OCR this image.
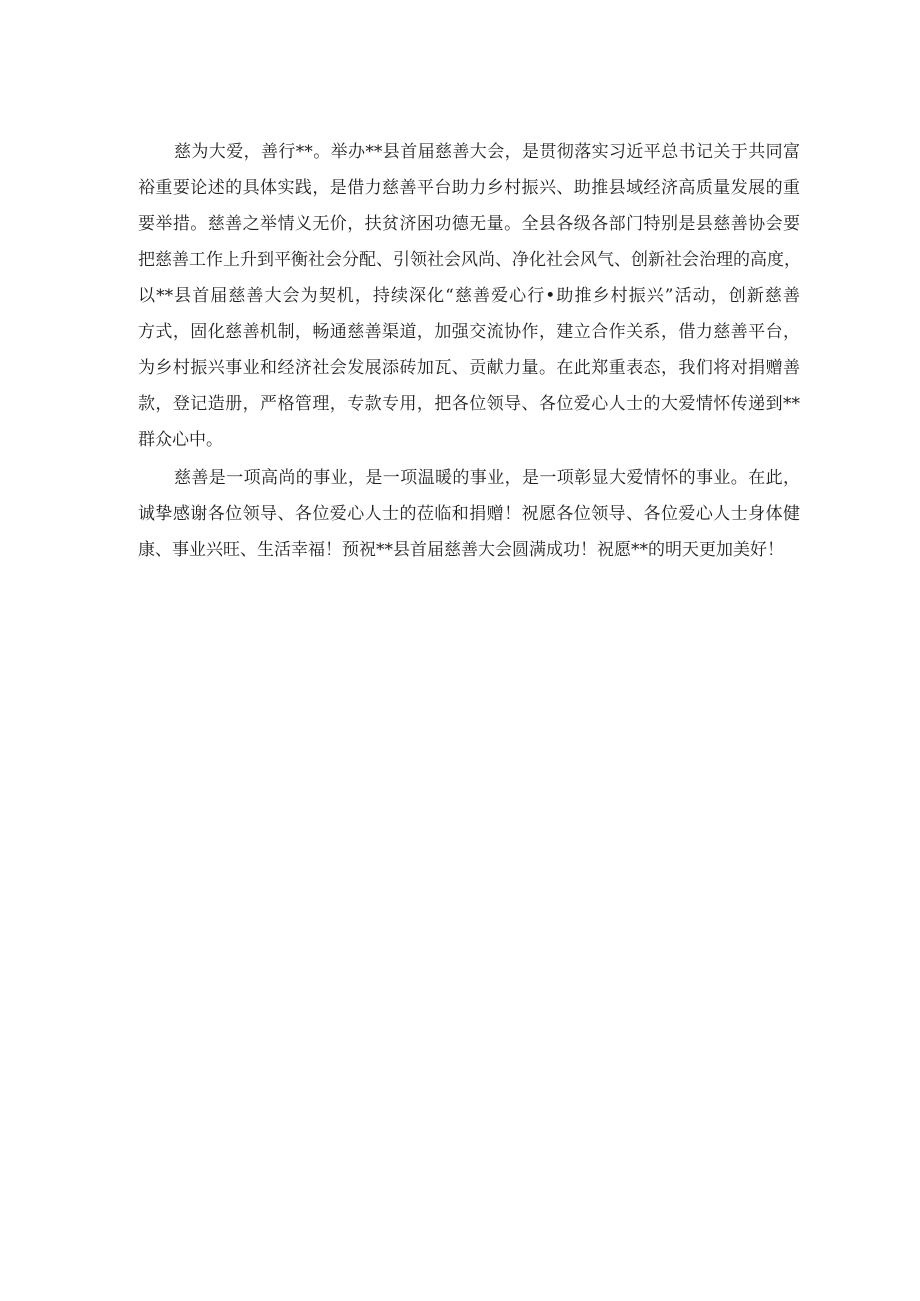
慈为大爱，善行**。举办**县首届慈善大会，是贯彻落实习近平总书记关于共同富
裕重要论述的具体实践，是借力慈善平台助力乡村振兴、助推县域经济高质量发展的重
要举措。慈善之举情义无价，扶贫济困功德无量。全县各级各部门特别是县慈善协会要
把慈善工作上升到平衡社会分配、引领社会风尚、净化社会风气、创新社会治理的高度，
以**县首届慈善大会为契机，持续深化“慈善爱心行•助推乡村振兴”活动，创新慈善
方式，固化慈善机制，畅通慈善渠道，加强交流协作，建立合作关系，借力慈善平台，
为乡村振兴事业和经济社会发展添砖加瓦、贡献力量。在此郑重表态，我们将对捐赠善
款，登记造册，严格管理，专款专用，把各位领导、各位爱心人士的大爱情怀传递到**
群众心中。
慈善是一项高尚的事业，是一项温暖的事业，是一项彰显大爱情怀的事业。在此，
诚挚感谢各位领导、各位爱心人士的莅临和捐赠！祝愿各位领导、各位爱心人士身体健
康、事业兴旺、生活幸福！预祝**县首届慈善大会圆满成功！祝愿**的明天更加美好！
